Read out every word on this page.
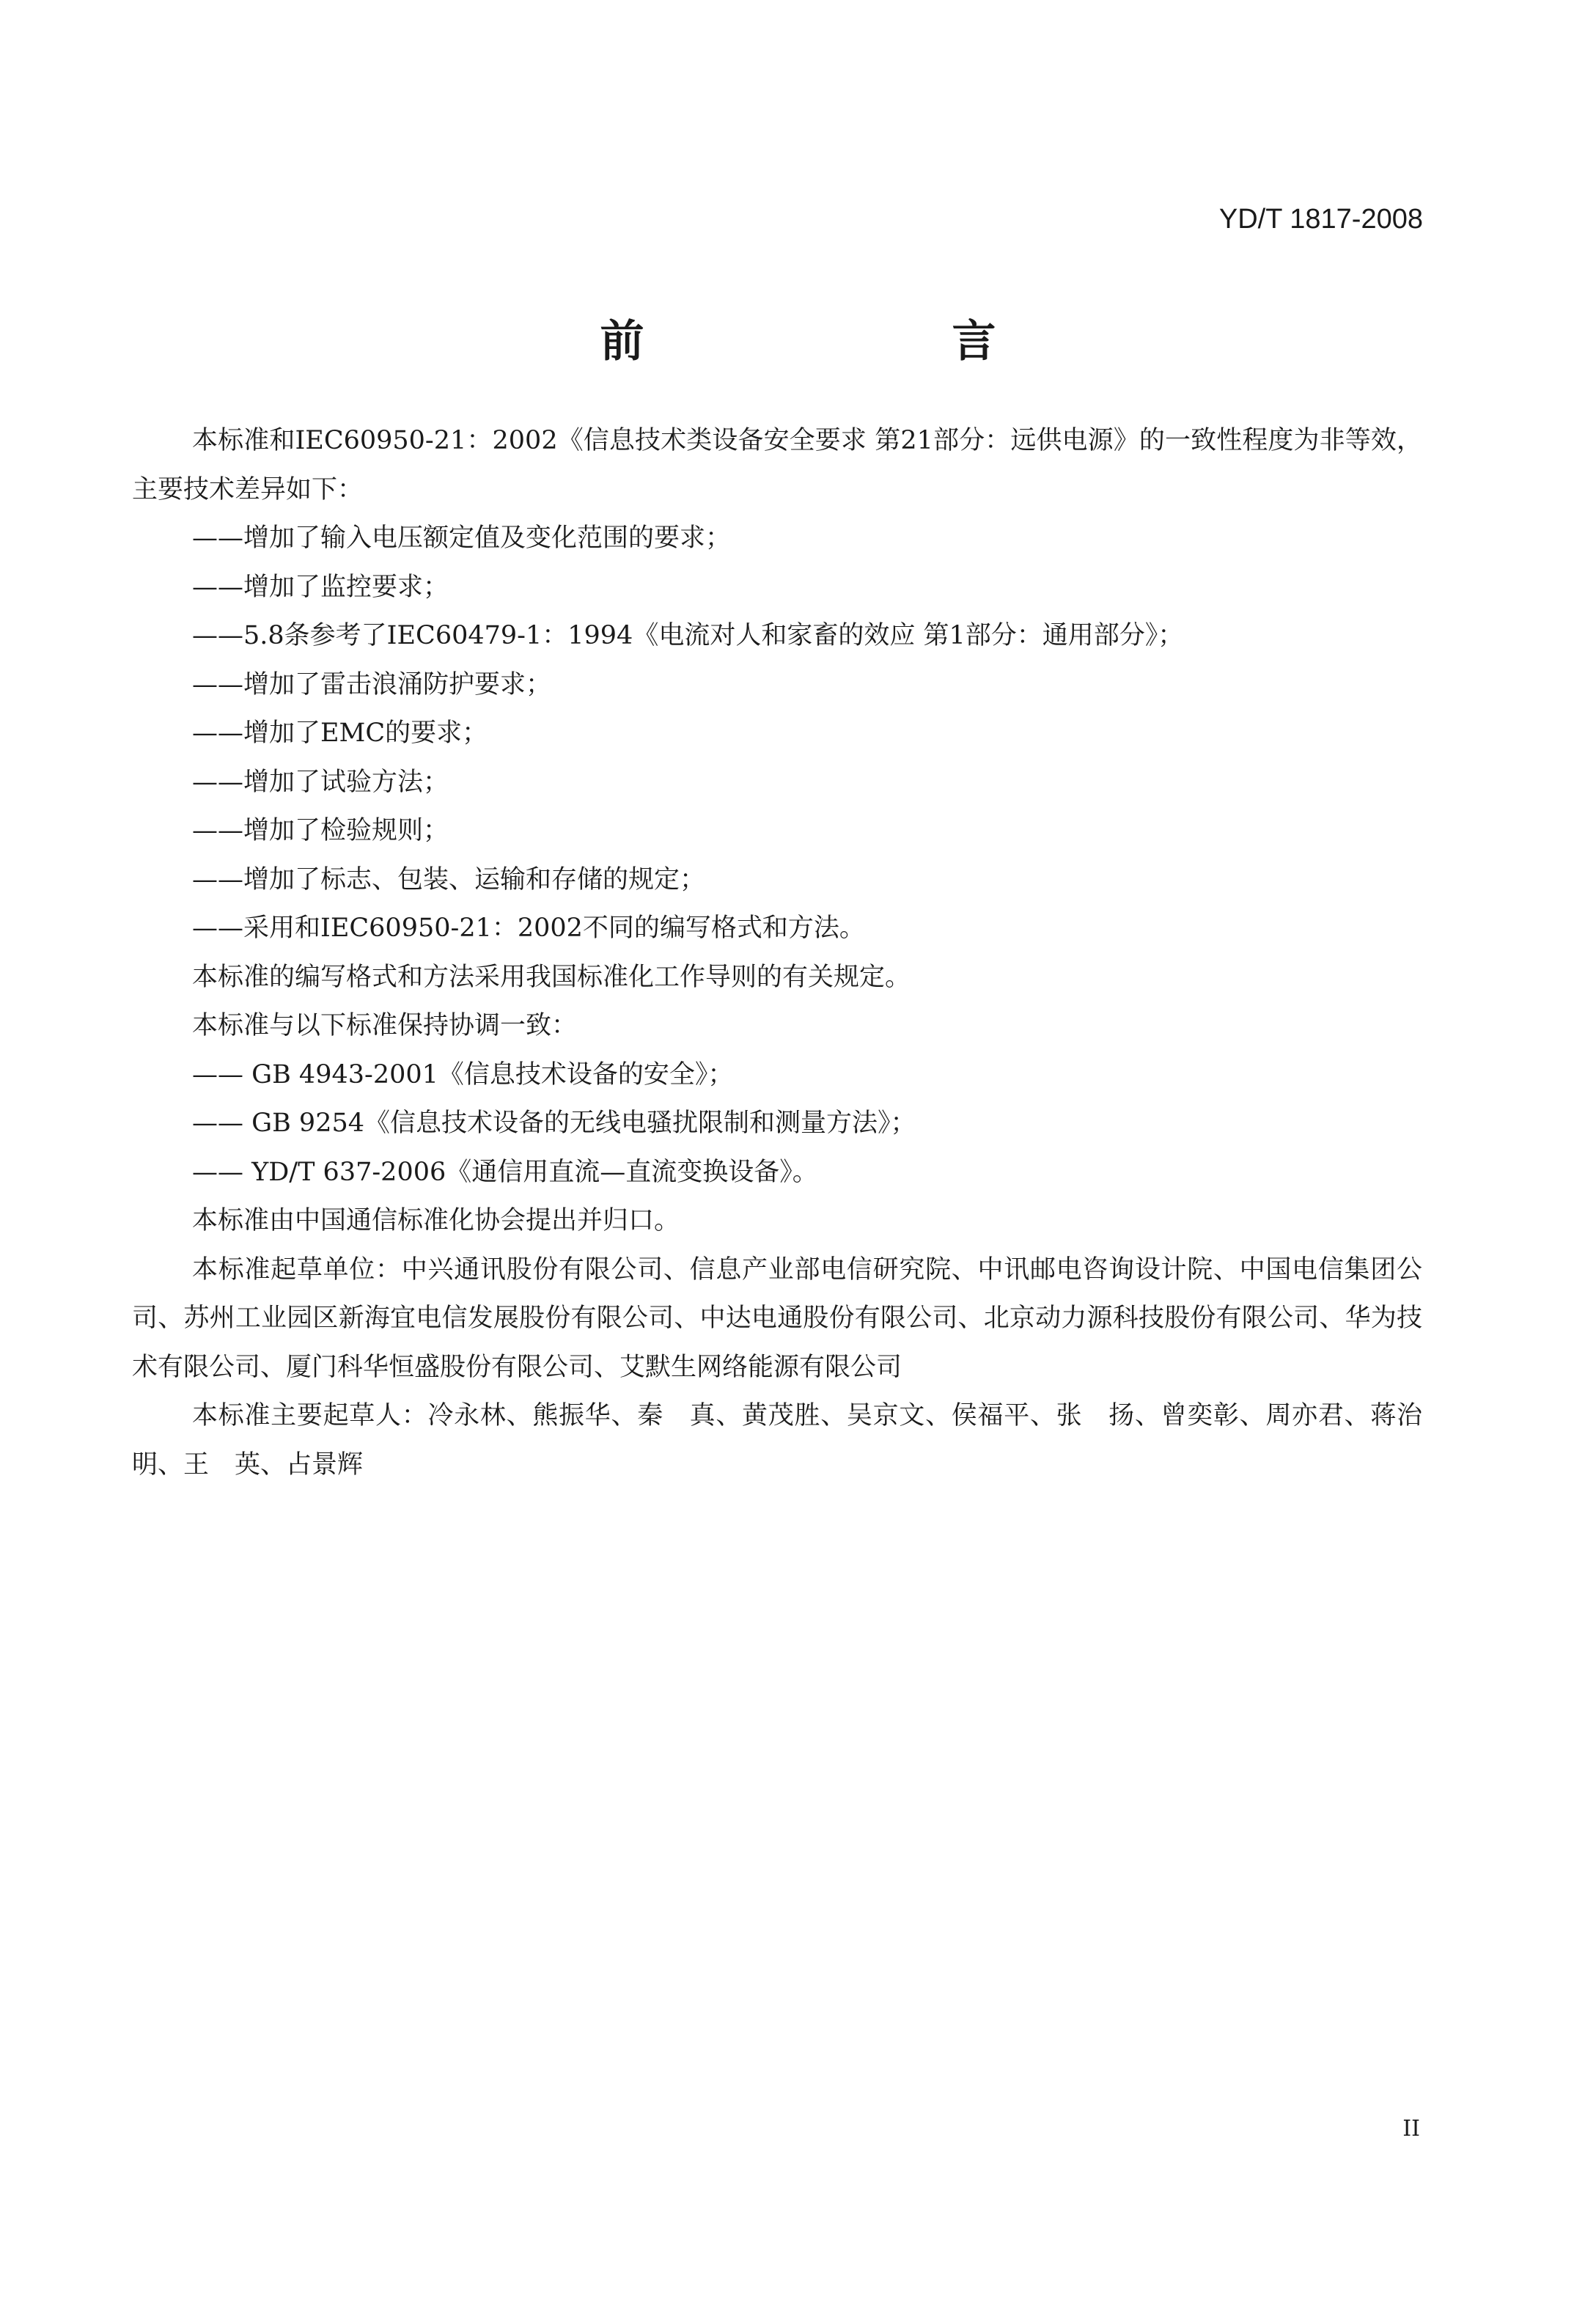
YD/T 1817-2008
前　　言

本标准和IEC60950-21：2002《信息技术类设备安全要求 第21部分：远供电源》的一致性程度为非等效，主要技术差异如下：

——增加了输入电压额定值及变化范围的要求；

——增加了监控要求；

——5.8条参考了IEC60479-1：1994《电流对人和家畜的效应 第1部分：通用部分》；

——增加了雷击浪涌防护要求；

——增加了EMC的要求；

——增加了试验方法；

——增加了检验规则；

——增加了标志、包装、运输和存储的规定；

——采用和IEC60950-21：2002不同的编写格式和方法。

本标准的编写格式和方法采用我国标准化工作导则的有关规定。

本标准与以下标准保持协调一致：

—— GB 4943-2001《信息技术设备的安全》；

—— GB 9254《信息技术设备的无线电骚扰限制和测量方法》；

—— YD/T 637-2006《通信用直流—直流变换设备》。

本标准由中国通信标准化协会提出并归口。

本标准起草单位：中兴通讯股份有限公司、信息产业部电信研究院、中讯邮电咨询设计院、中国电信集团公司、苏州工业园区新海宜电信发展股份有限公司、中达电通股份有限公司、北京动力源科技股份有限公司、华为技术有限公司、厦门科华恒盛股份有限公司、艾默生网络能源有限公司

本标准主要起草人：冷永林、熊振华、秦　真、黄茂胜、吴京文、侯福平、张　扬、曾奕彰、周亦君、蒋治明、王　英、占景辉

II
